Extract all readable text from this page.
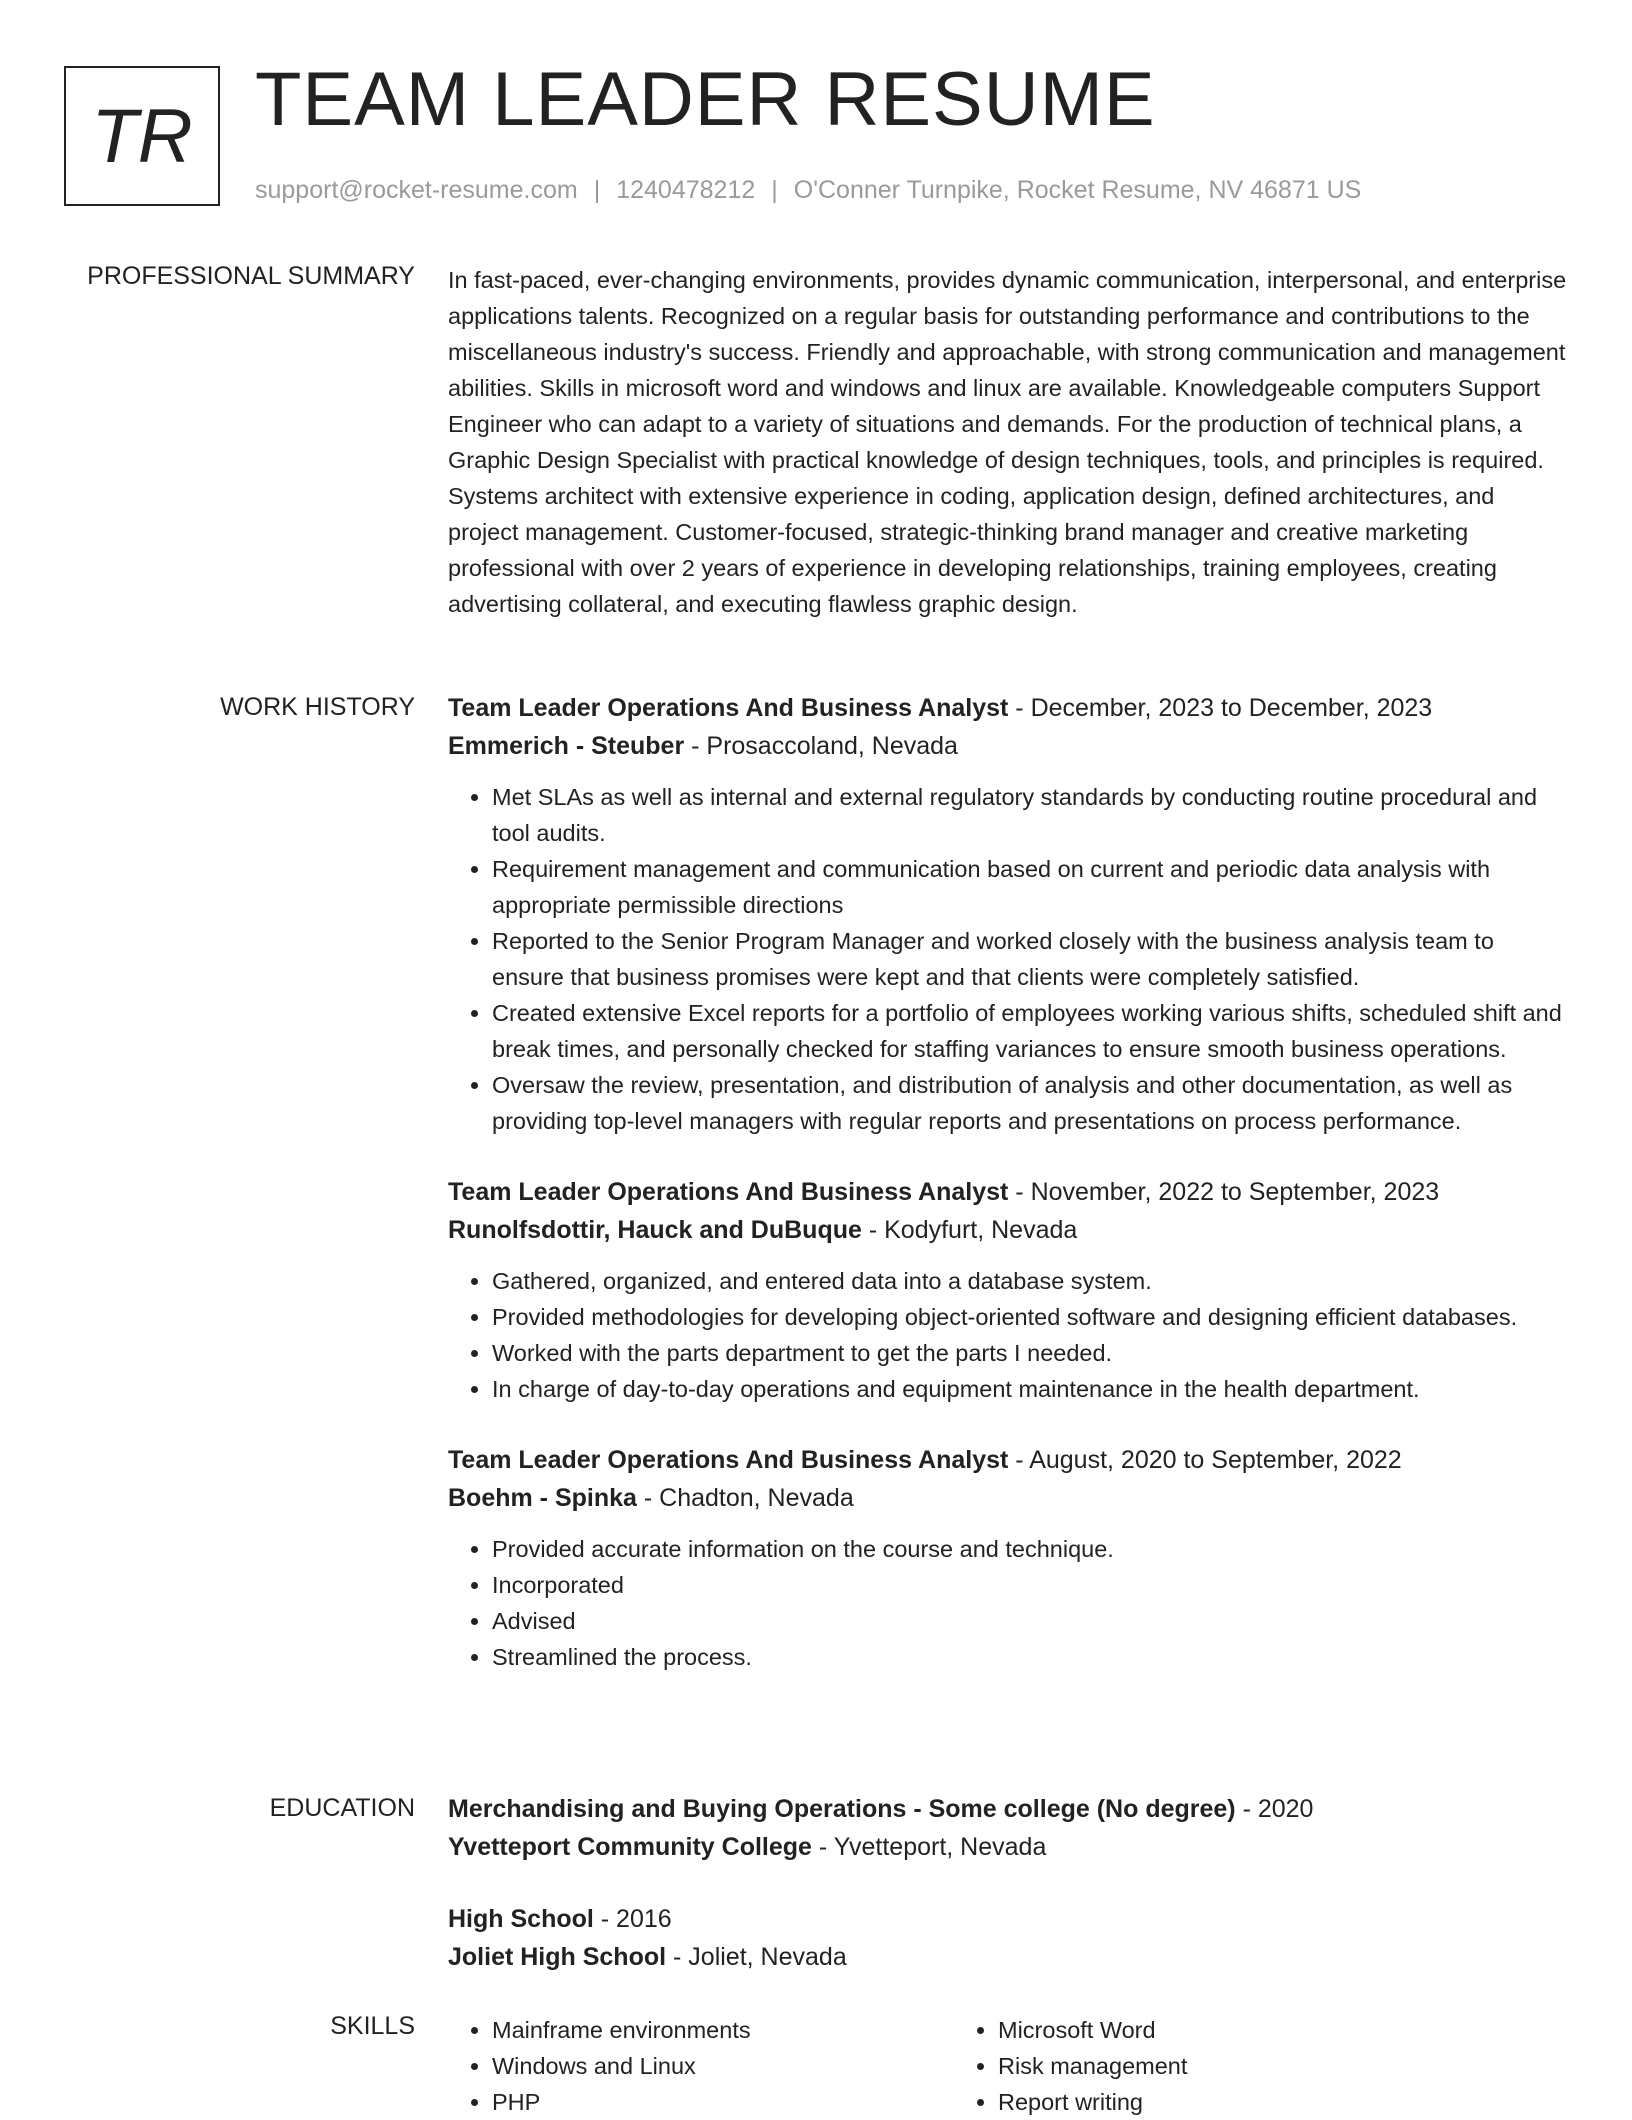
TR TEAM LEADER RESUME
support@rocket-resume.com | 1240478212 | O'Conner Turnpike, Rocket Resume, NV 46871 US
PROFESSIONAL SUMMARY In fast-paced, ever-changing environments, provides dynamic communication, interpersonal, and enterprise applications talents. Recognized on a regular basis for outstanding performance and contributions to the miscellaneous industry's success. Friendly and approachable, with strong communication and management abilities. Skills in microsoft word and windows and linux are available. Knowledgeable computers Support Engineer who can adapt to a variety of situations and demands. For the production of technical plans, a Graphic Design Specialist with practical knowledge of design techniques, tools, and principles is required. Systems architect with extensive experience in coding, application design, defined architectures, and project management. Customer-focused, strategic-thinking brand manager and creative marketing professional with over 2 years of experience in developing relationships, training employees, creating advertising collateral, and executing flawless graphic design.

WORK HISTORY Team Leader Operations And Business Analyst - December, 2023 to December, 2023
Emmerich - Steuber - Prosaccoland, Nevada
• Met SLAs as well as internal and external regulatory standards by conducting routine procedural and tool audits.
• Requirement management and communication based on current and periodic data analysis with appropriate permissible directions
• Reported to the Senior Program Manager and worked closely with the business analysis team to ensure that business promises were kept and that clients were completely satisfied.
• Created extensive Excel reports for a portfolio of employees working various shifts, scheduled shift and break times, and personally checked for staffing variances to ensure smooth business operations.
• Oversaw the review, presentation, and distribution of analysis and other documentation, as well as providing top-level managers with regular reports and presentations on process performance.
Team Leader Operations And Business Analyst - November, 2022 to September, 2023
Runolfsdottir, Hauck and DuBuque - Kodyfurt, Nevada
• Gathered, organized, and entered data into a database system.
• Provided methodologies for developing object-oriented software and designing efficient databases.
• Worked with the parts department to get the parts I needed.
• In charge of day-to-day operations and equipment maintenance in the health department.
Team Leader Operations And Business Analyst - August, 2020 to September, 2022
Boehm - Spinka - Chadton, Nevada
• Provided accurate information on the course and technique.
• Incorporated
• Advised
• Streamlined the process.
EDUCATION Merchandising and Buying Operations - Some college (No degree) - 2020
Yvetteport Community College - Yvetteport, Nevada
High School - 2016
Joliet High School - Joliet, Nevada
SKILLS
•	Mainframe environments
• Windows and Linux
• PHP
• Microsoft Word
• Risk management
• Report writing
